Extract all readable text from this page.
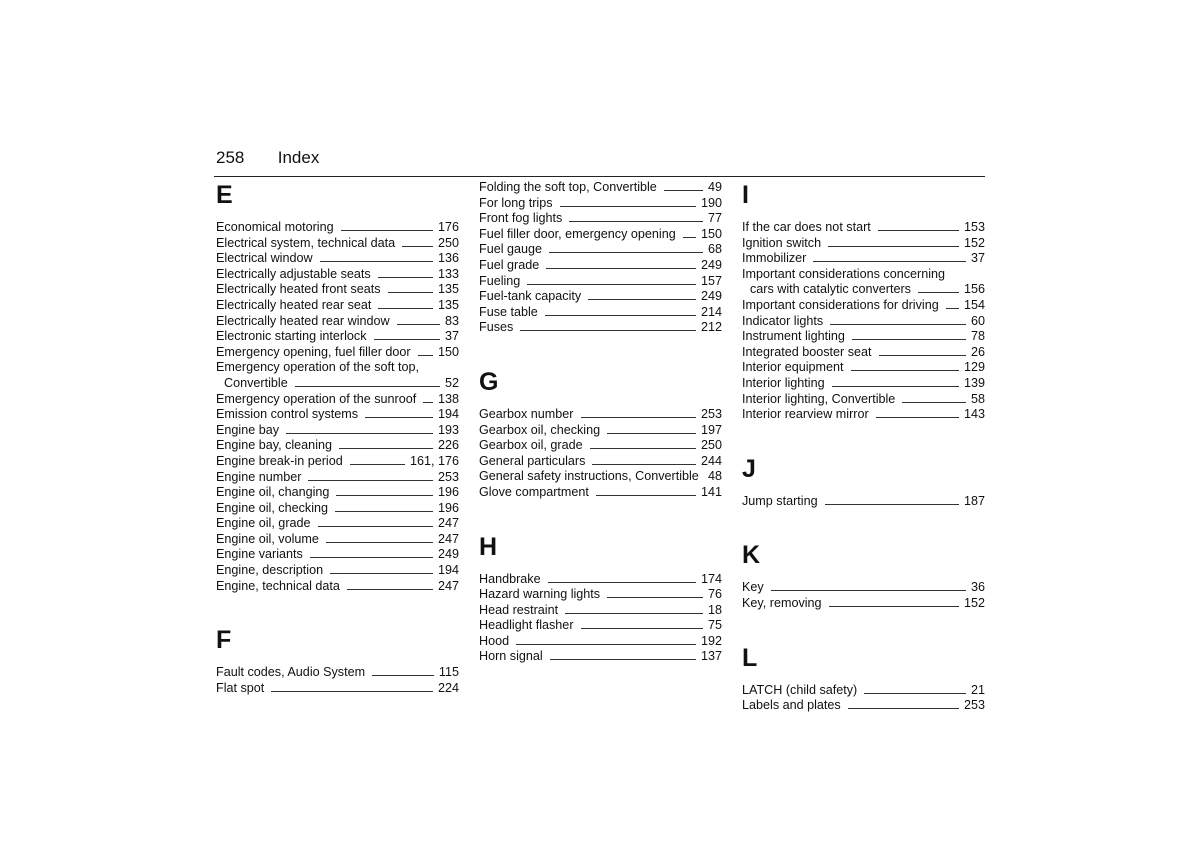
258 Index
E
Economical motoring	176
Electrical system, technical data	250
Electrical window	136
Electrically adjustable seats	133
Electrically heated front seats	135
Electrically heated rear seat	135
Electrically heated rear window	83
Electronic starting interlock	37
Emergency opening, fuel filler door 150
Emergency operation of the soft top,
Convertible	52
Emergency operation of the sunroof 138
Emission control systems	194
Engine bay	193
Engine bay, cleaning	226
Engine break-in period	161, 176
Engine number	253
Engine oil, changing	196
Engine oil, checking	196
Engine oil, grade	247
Engine oil, volume	247
Engine variants	249
Engine, description	194
Engine, technical data	247
F
Fault codes, Audio System	115
Flat spot	224
Folding the soft top, Convertible	49
For long trips	190
Front fog lights	77
Fuel filler door, emergency opening 150
Fuel gauge	68
Fuel grade	249
Fueling	157
Fuel-tank capacity	249
Fuse table	214
Fuses	212
G
Gearbox number	253
Gearbox oil, checking	197
Gearbox oil, grade	250
General particulars	244
General safety instructions, Convertible 48
Glove compartment	141
H
Handbrake	174
Hazard warning lights	76
Head restraint	18
Headlight flasher	75
Hood	192
Horn signal	137
I
If the car does not start	153
Ignition switch	152
Immobilizer	37
Important considerations concerning
cars with catalytic converters	156
Important considerations for driving 154
Indicator lights	60
Instrument lighting	78
Integrated booster seat	26
Interior equipment	129
Interior lighting	139
Interior lighting, Convertible	58
Interior rearview mirror	143
J
Jump starting	187
K
Key	36
Key, removing	152
L
LATCH (child safety)	21
Labels and plates	253
